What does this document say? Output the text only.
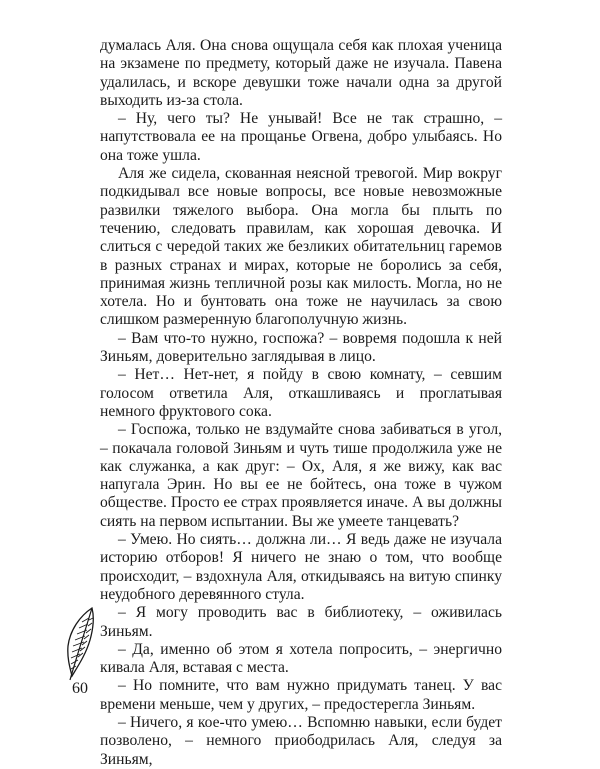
думалась Аля. Она снова ощущала себя как плохая ученица на экзамене по предмету, который даже не изучала. Павена удалилась, и вскоре девушки тоже начали одна за другой выходить из-за стола.

– Ну, чего ты? Не унывай! Все не так страшно, – напутствовала ее на прощанье Огвена, добро улыбаясь. Но она тоже ушла.

Аля же сидела, скованная неясной тревогой. Мир вокруг подкидывал все новые вопросы, все новые невозможные развилки тяжелого выбора. Она могла бы плыть по течению, следовать правилам, как хорошая девочка. И слиться с чередой таких же безликих обитательниц гаремов в разных странах и мирах, которые не боролись за себя, принимая жизнь тепличной розы как милость. Могла, но не хотела. Но и бунтовать она тоже не научилась за свою слишком размеренную благополучную жизнь.

– Вам что-то нужно, госпожа? – вовремя подошла к ней Зиньям, доверительно заглядывая в лицо.

– Нет… Нет-нет, я пойду в свою комнату, – севшим голосом ответила Аля, откашливаясь и проглатывая немного фруктового сока.

– Госпожа, только не вздумайте снова забиваться в угол, – покачала головой Зиньям и чуть тише продолжила уже не как служанка, а как друг: – Ох, Аля, я же вижу, как вас напугала Эрин. Но вы ее не бойтесь, она тоже в чужом обществе. Просто ее страх проявляется иначе. А вы должны сиять на первом испытании. Вы же умеете танцевать?

– Умею. Но сиять… должна ли… Я ведь даже не изучала историю отборов! Я ничего не знаю о том, что вообще происходит, – вздохнула Аля, откидываясь на витую спинку неудобного деревянного стула.

– Я могу проводить вас в библиотеку, – оживилась Зиньям.

– Да, именно об этом я хотела попросить, – энергично кивала Аля, вставая с места.

– Но помните, что вам нужно придумать танец. У вас времени меньше, чем у других, – предостерегла Зиньям.

– Ничего, я кое-что умею… Вспомню навыки, если будет позволено, – немного приободрилась Аля, следуя за Зиньям,

60
